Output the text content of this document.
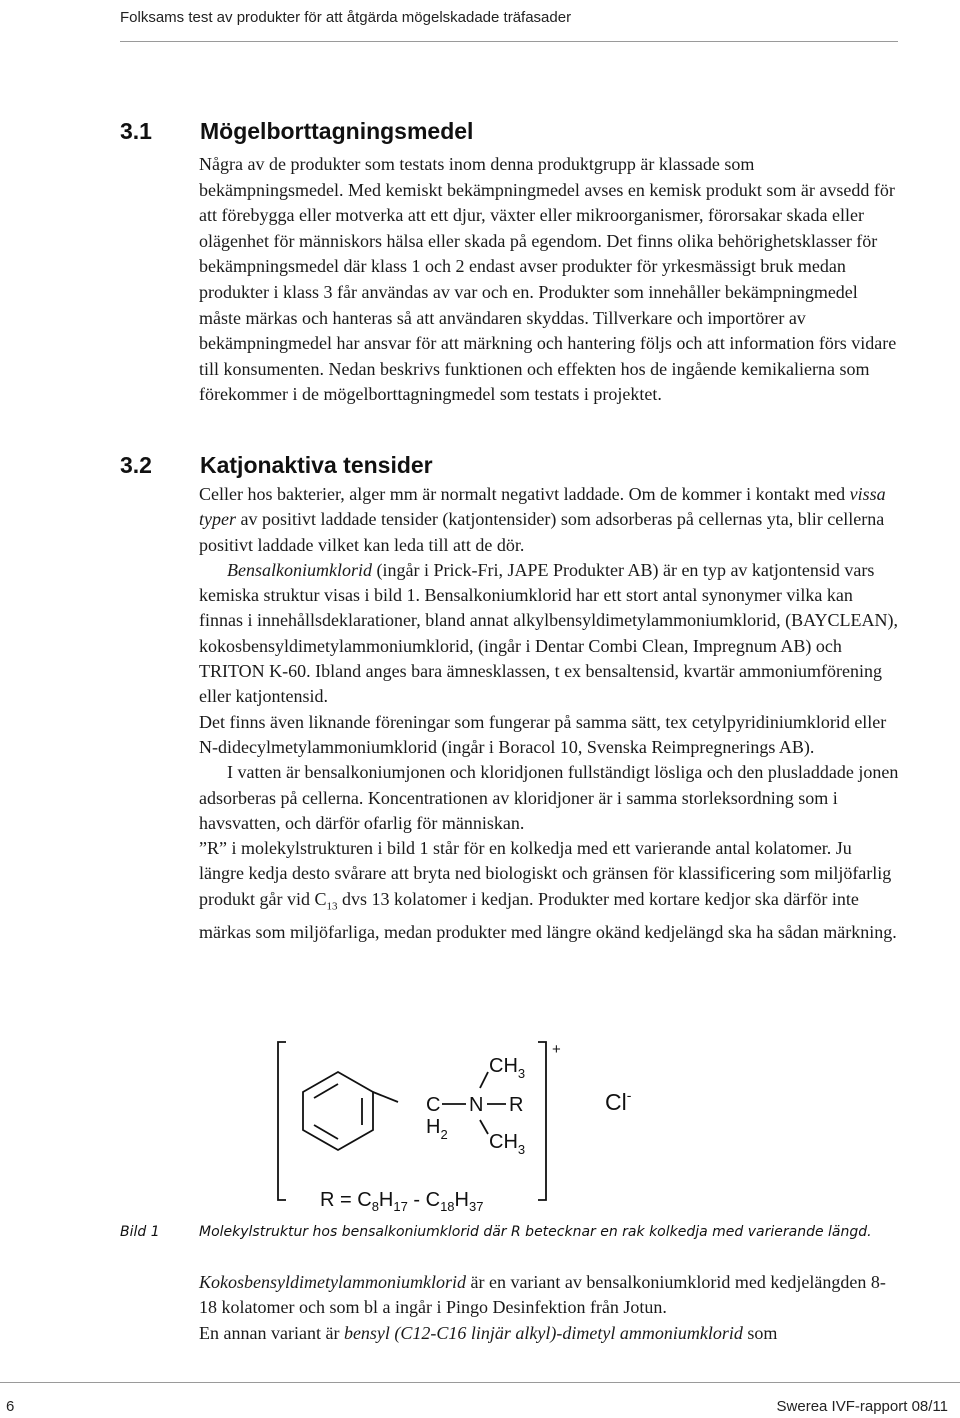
Folksams test av produkter för att åtgärda mögelskadade träfasader
3.1 Mögelborttagningsmedel

Några av de produkter som testats inom denna produktgrupp är klassade som bekämpningsmedel. Med kemiskt bekämpningmedel avses en kemisk produkt som är avsedd för att förebygga eller motverka att ett djur, växter eller mikroorganismer, förorsakar skada eller olägenhet för människors hälsa eller skada på egendom. Det finns olika behörighetsklasser för bekämpningsmedel där klass 1 och 2 endast avser produkter för yrkesmässigt bruk medan produkter i klass 3 får användas av var och en. Produkter som innehåller bekämpningmedel måste märkas och hanteras så att användaren skyddas. Tillverkare och importörer av bekämpningmedel har ansvar för att märkning och hantering följs och att information förs vidare till konsumenten. Nedan beskrivs funktionen och effekten hos de ingående kemikalierna som förekommer i de mögelborttagningmedel som testats i projektet.

3.2 Katjonaktiva tensider

Celler hos bakterier, alger mm är normalt negativt laddade. Om de kommer i kontakt med vissa typer av positivt laddade tensider (katjontensider) som adsorberas på cellernas yta, blir cellerna positivt laddade vilket kan leda till att de dör.

Bensalkoniumklorid (ingår i Prick-Fri, JAPE Produkter AB) är en typ av katjontensid vars kemiska struktur visas i bild 1. Bensalkoniumklorid har ett stort antal synonymer vilka kan finnas i innehållsdeklarationer, bland annat alkylbensyldimetylammoniumklorid, (BAYCLEAN), kokosbensyldimetylammoniumklorid, (ingår i Dentar Combi Clean, Impregnum AB) och TRITON K-60. Ibland anges bara ämnesklassen, t ex bensaltensid, kvartär ammoniumförening eller katjontensid.

Det finns även liknande föreningar som fungerar på samma sätt, tex cetylpyridiniumklorid eller N-didecylmetylammoniumklorid (ingår i Boracol 10, Svenska Reimpregnerings AB).

I vatten är bensalkoniumjonen och kloridjonen fullständigt lösliga och den plusladdade jonen adsorberas på cellerna. Koncentrationen av kloridjoner är i samma storleksordning som i havsvatten, och därför ofarlig för människan.

”R” i molekylstrukturen i bild 1 står för en kolkedja med ett varierande antal kolatomer. Ju längre kedja desto svårare att bryta ned biologiskt och gränsen för klassificering som miljöfarlig produkt går vid $C_{13}$ dvs 13 kolatomer i kedjan. Produkter med kortare kedjor ska därför inte märkas som miljöfarliga, medan produkter med längre okänd kedjelängd ska ha sådan märkning.

+
Cl-
C
$H_2$
N R
$CH_3$
$CH_3$
$R = C_8H_{17} - C_{18}H_{37}$
Bild 1	Molekylstruktur hos bensalkoniumklorid där R betecknar en rak kolkedja med varierande längd.

Kokosbensyldimetylammoniumklorid är en variant av bensalkoniumklorid med kedjelängden 8-18 kolatomer och som bl a ingår i Pingo Desinfektion från Jotun.

En annan variant är bensyl (C12-C16 linjär alkyl)-dimetyl ammoniumklorid som

6	Swerea IVF-rapport 08/11
